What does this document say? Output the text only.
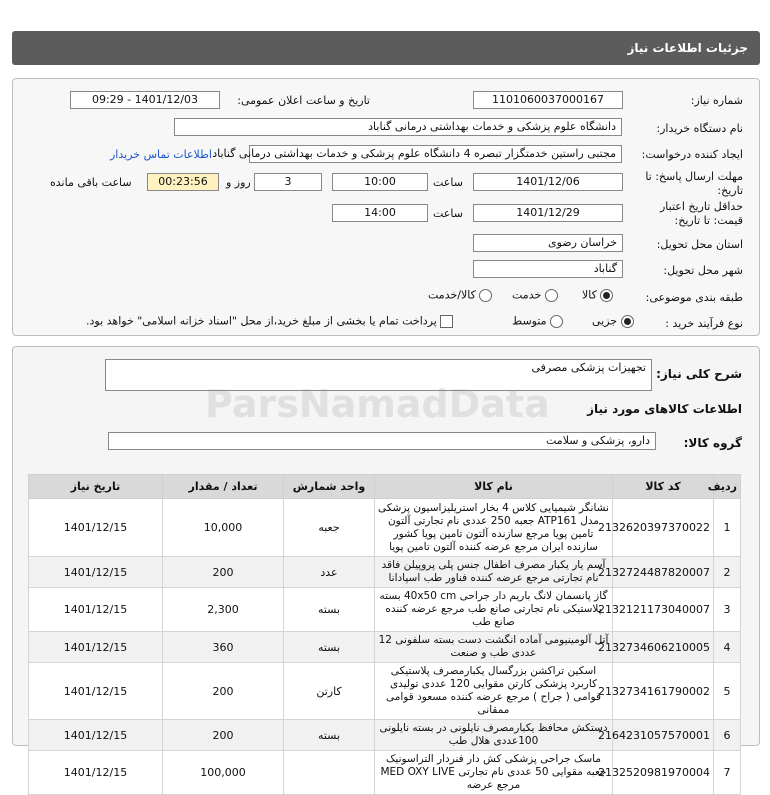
جزئیات اطلاعات نیاز
شماره نیاز:
1101060037000167
تاریخ و ساعت اعلان عمومی:
1401/12/03 - 09:29
نام دستگاه خریدار:
دانشگاه علوم پزشکی و خدمات بهداشتی درمانی گناباد
ایجاد کننده درخواست:
مجتبی راستین خدمتگزار تبصره 4 دانشگاه علوم پزشکی و خدمات بهداشتی درمانی گناباد
اطلاعات تماس خریدار
مهلت ارسال پاسخ: تا
تاریخ:
1401/12/06
ساعت
10:00
3
روز و
00:23:56
ساعت باقی مانده
حداقل تاریخ اعتبار
قیمت: تا تاریخ:
1401/12/29
ساعت
14:00
استان محل تحویل:
خراسان رضوی
شهر محل تحویل:
گناباد
طبقه بندی موضوعی:
کالا
خدمت
کالا/خدمت
نوع فرآیند خرید :
جزیی
متوسط
پرداخت تمام یا بخشی از مبلغ خرید،از محل "اسناد خزانه اسلامی" خواهد بود.
شرح کلی نیاز:
تجهیزات پزشکی مصرفی
اطلاعات کالاهای مورد نیاز
گروه کالا:
دارو، پزشکی و سلامت
ParsNamadData
ردیف	کد کالا	نام کالا	واحد شمارش	تعداد / مقدار	تاریخ نیاز
1	2132620397370022	نشانگر شیمیایی کلاس 4 بخار استریلیزاسیون پزشکی مدل ATP161 جعبه 250 عددی نام تجارتی آلتون تامین پویا مرجع سازنده آلتون تامین پویا کشور سازنده ایران مرجع عرضه کننده آلتون تامین پویا	جعبه	10,000	1401/12/15
2	2132724487820007	آسم یار یکبار مصرف اطفال جنس پلی پروپیلن فاقد نام تجارتی مرجع عرضه کننده فناور طب اسپادانا	عدد	200	1401/12/15
3	2132121173040007	گاز پانسمان لانگ باریم دار جراحی 40x50 cm بسته پلاستیکی نام تجارتی صانع طب مرجع عرضه کننده صانع طب	بسته	2,300	1401/12/15
4	2132734606210005	آتل آلومینیومی آماده انگشت دست بسته سلفونی 12 عددی طب و صنعت	بسته	360	1401/12/15
5	2132734161790002	اسکین تراکشن بزرگسال یکبارمصرف پلاستیکی کاربرد پزشکی کارتن مقوایی 120 عددی تولیدی قوامی ( جراح ) مرجع عرضه کننده مسعود قوامی ممقانی	کارتن	200	1401/12/15
6	2164231057570001	دستکش محافظ یکبارمصرف نایلونی در بسته نایلونی 100عددی هلال طب	بسته	200	1401/12/15
7	2132520981970004	ماسک جراحی پزشکی کش دار فنردار التراسونیک جعبه مقوایی 50 عددی نام تجارتی MED OXY LIVE مرجع عرضه		100,000	1401/12/15
